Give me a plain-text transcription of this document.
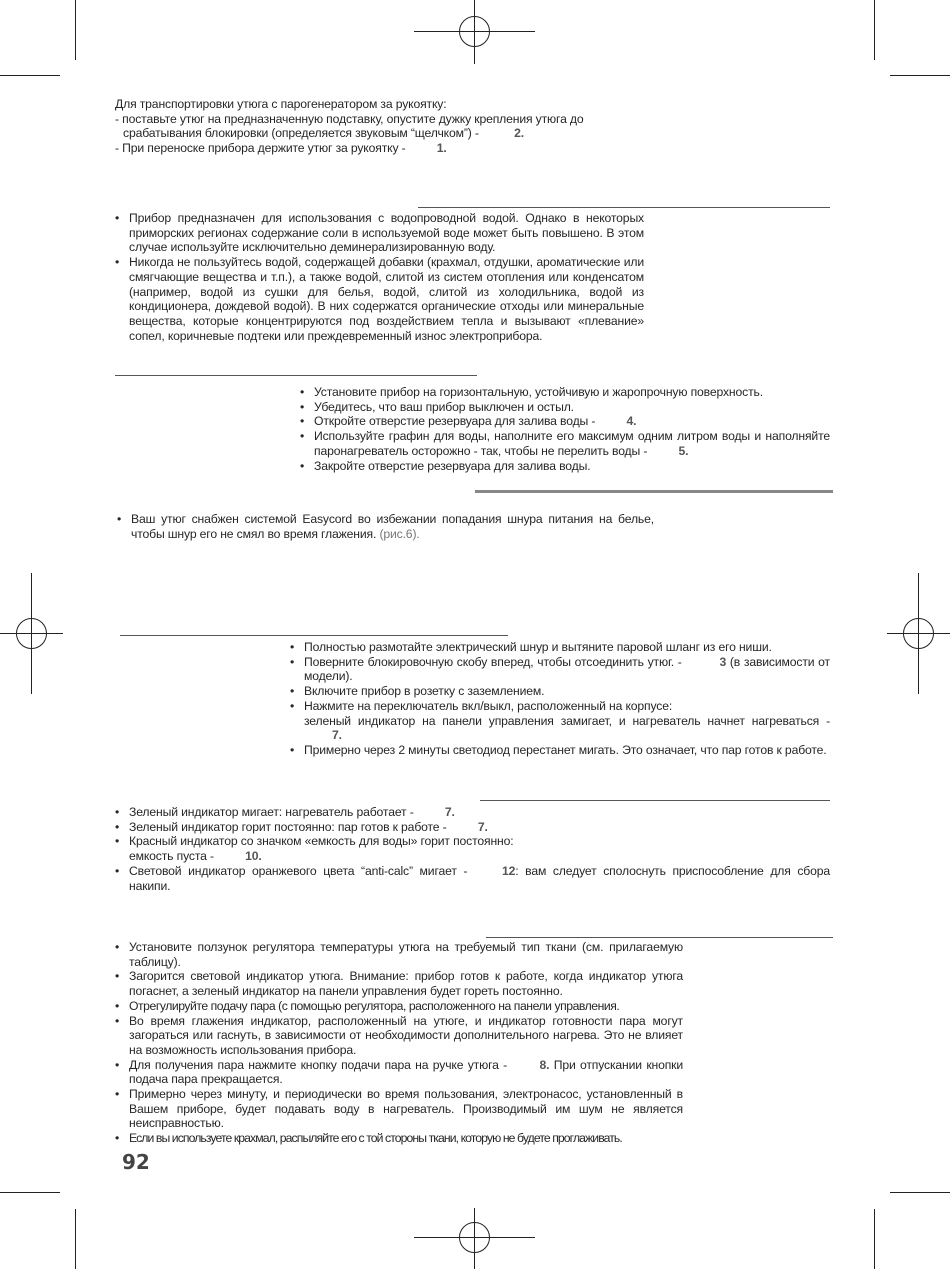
Для транспортировки утюга с парогенератором за рукоятку:
- поставьте утюг на предназначенную подставку, опустите дужку крепления утюга до
срабатывания блокировки (определяется звуковым “щелчком”) -	2.
- При переноске прибора держите утюг за рукоятку -	1.
• Прибор предназначен для использования с водопроводной водой. Однако в некоторых приморских регионах содержание соли в используемой воде может быть повышено. В этом случае используйте исключительно деминерализированную воду.
• Никогда не пользуйтесь водой, содержащей добавки (крахмал, отдушки, ароматические или смягчающие вещества и т.п.), а также водой, слитой из систем отопления или конденсатом (например, водой из сушки для белья, водой, слитой из холодильника, водой из кондиционера, дождевой водой). В них содержатся органические отходы или минеральные вещества, которые концентрируются под воздействием тепла и вызывают «плевание» сопел, коричневые подтеки или преждевременный износ электроприбора.
• Установите прибор на горизонтальную, устойчивую и жаропрочную поверхность.
• Убедитесь, что ваш прибор выключен и остыл.
• Откройте отверстие резервуара для залива воды -	4.
• Используйте графин для воды, наполните его максимум одним литром воды и наполняйте паронагреватель осторожно - так, чтобы не перелить воды -	5.
• Закройте отверстие резервуара для залива воды.
• Ваш утюг снабжен системой Easycord во избежании попадания шнура питания на белье, чтобы шнур его не смял во время глажения. (рис.6).
• Полностью размотайте электрический шнур и вытяните паровой шланг из его ниши.
• Поверните блокировочную скобу вперед, чтобы отсоединить утюг. -	3 (в зависимости от модели).
• Включите прибор в розетку с заземлением.
• Нажмите на переключатель вкл/выкл, расположенный на корпусе:
зеленый индикатор на панели управления замигает, и нагреватель начнет нагреваться - 7.
• Примерно через 2 минуты светодиод перестанет мигать. Это означает, что пар готов к работе.
• Зеленый индикатор мигает: нагреватель работает -	7.
• Зеленый индикатор горит постоянно: пар готов к работе -	7.
• Красный индикатор со значком «емкость для воды» горит постоянно:
емкость пуста -	10.
• Световой индикатор оранжевого цвета “anti-calc” мигает -	12: вам следует сполоснуть приспособление для сбора накипи.
• Установите ползунок регулятора температуры утюга на требуемый тип ткани (см. прилагаемую таблицу).
• Загорится световой индикатор утюга. Внимание: прибор готов к работе, когда индикатор утюга погаснет, а зеленый индикатор на панели управления будет гореть постоянно.
• Отрегулируйте подачу пара (с помощью регулятора, расположенного на панели управления.
• Во время глажения индикатор, расположенный на утюге, и индикатор готовности пара могут загораться или гаснуть, в зависимости от необходимости дополнительного нагрева. Это не влияет на возможность использования прибора.
• Для получения пара нажмите кнопку подачи пара на ручке утюга -	8. При отпускании кнопки подача пара прекращается.
• Примерно через минуту, и периодически во время пользования, электронасос, установленный в Вашем приборе, будет подавать воду в нагреватель. Производимый им шум не является неисправностью.
• Если вы используете крахмал, распыляйте его с той стороны ткани, которую не будете проглаживать.
92
